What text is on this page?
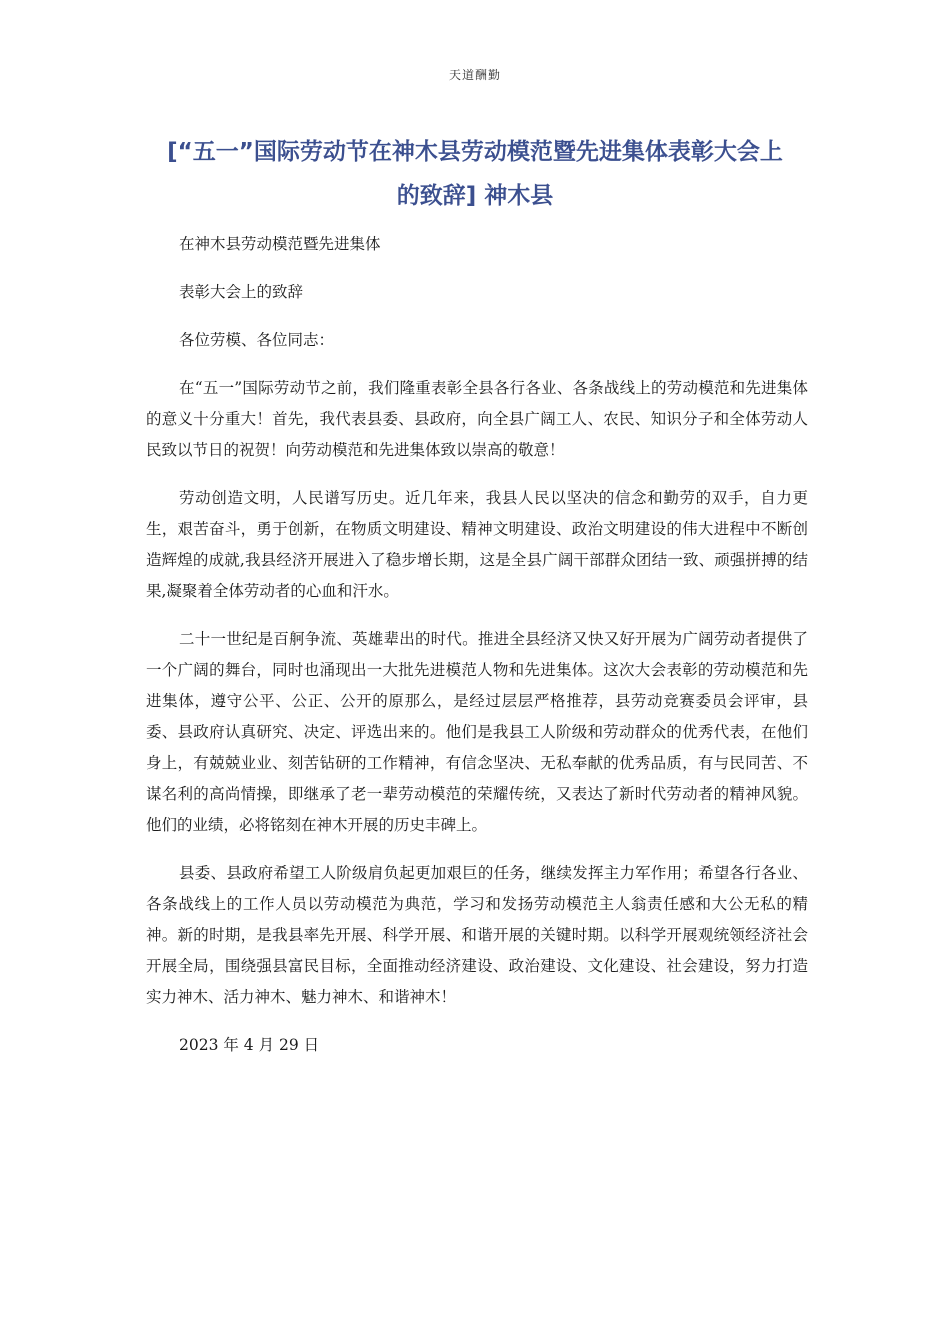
天道酬勤
[“五一”国际劳动节在神木县劳动模范暨先进集体表彰大会上
的致辞] 神木县

在神木县劳动模范暨先进集体

表彰大会上的致辞

各位劳模、各位同志：

在“五一”国际劳动节之前，我们隆重表彰全县各行各业、各条战线上的劳动模范和先进集体的意义十分重大！首先，我代表县委、县政府，向全县广阔工人、农民、知识分子和全体劳动人民致以节日的祝贺！向劳动模范和先进集体致以崇高的敬意！

劳动创造文明，人民谱写历史。近几年来，我县人民以坚决的信念和勤劳的双手，自力更生，艰苦奋斗，勇于创新，在物质文明建设、精神文明建设、政治文明建设的伟大进程中不断创造辉煌的成就,我县经济开展进入了稳步增长期，这是全县广阔干部群众团结一致、顽强拼搏的结果,凝聚着全体劳动者的心血和汗水。

二十一世纪是百舸争流、英雄辈出的时代。推进全县经济又快又好开展为广阔劳动者提供了一个广阔的舞台，同时也涌现出一大批先进模范人物和先进集体。这次大会表彰的劳动模范和先进集体，遵守公平、公正、公开的原那么，是经过层层严格推荐，县劳动竞赛委员会评审，县委、县政府认真研究、决定、评选出来的。他们是我县工人阶级和劳动群众的优秀代表，在他们身上，有兢兢业业、刻苦钻研的工作精神，有信念坚决、无私奉献的优秀品质，有与民同苦、不谋名利的高尚情操，即继承了老一辈劳动模范的荣耀传统，又表达了新时代劳动者的精神风貌。他们的业绩，必将铭刻在神木开展的历史丰碑上。

县委、县政府希望工人阶级肩负起更加艰巨的任务，继续发挥主力军作用；希望各行各业、各条战线上的工作人员以劳动模范为典范，学习和发扬劳动模范主人翁责任感和大公无私的精神。新的时期，是我县率先开展、科学开展、和谐开展的关键时期。以科学开展观统领经济社会开展全局，围绕强县富民目标，全面推动经济建设、政治建设、文化建设、社会建设，努力打造实力神木、活力神木、魅力神木、和谐神木！

2023 年 4 月 29 日
